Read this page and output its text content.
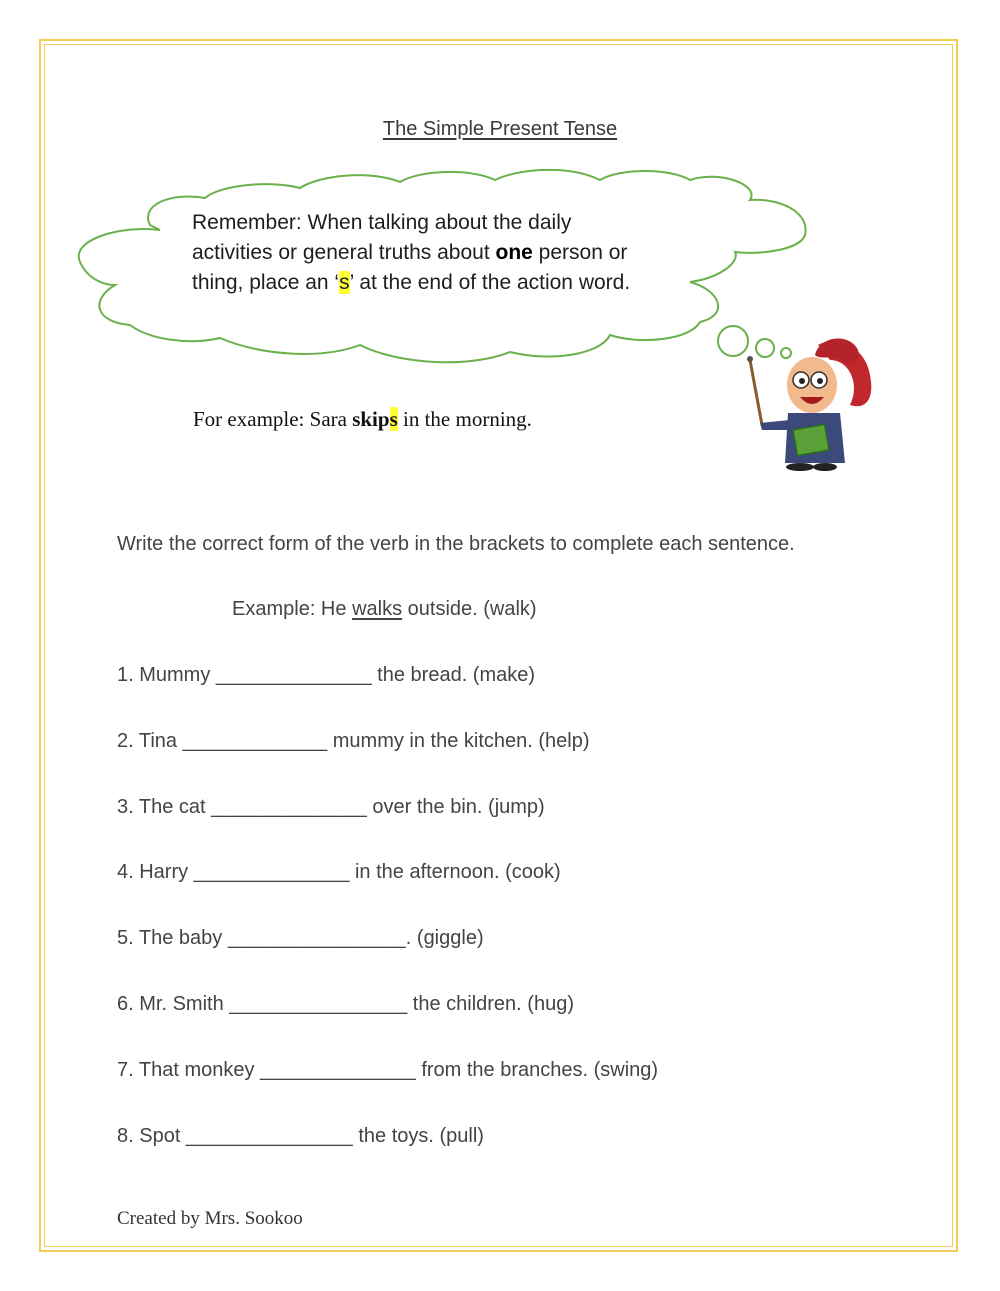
The Simple Present Tense
Remember: When talking about the daily activities or general truths about one person or thing, place an ‘s’ at the end of the action word.
For example: Sara skips in the morning.
Write the correct form of the verb in the brackets to complete each sentence.
Example: He walks outside. (walk)
1. Mummy ______________ the bread. (make)
2. Tina _____________ mummy in the kitchen. (help)
3. The cat ______________ over the bin. (jump)
4. Harry ______________ in the afternoon. (cook)
5. The baby ________________. (giggle)
6. Mr. Smith ________________ the children. (hug)
7. That monkey ______________ from the branches. (swing)
8. Spot _______________ the toys. (pull)
Created by Mrs. Sookoo
